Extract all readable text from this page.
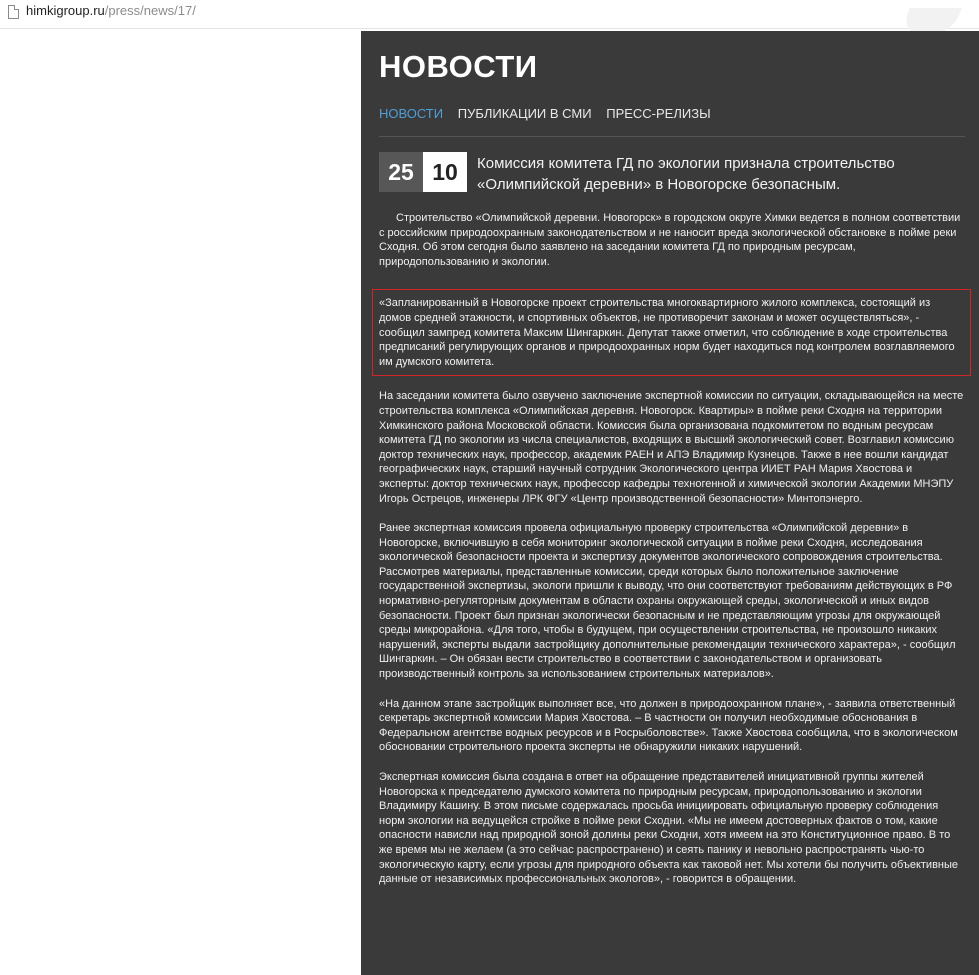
himkigroup.ru/press/news/17/
НОВОСТИ
НОВОСТИ ПУБЛИКАЦИИ В СМИ ПРЕСС-РЕЛИЗЫ
25 10	Комиссия комитета ГД по экологии признала строительство «Олимпийской деревни» в Новогорске безопасным.

Строительство «Олимпийской деревни. Новогорск» в городском округе Химки ведется в полном соответствии с российским природоохранным законодательством и не наносит вреда экологической обстановке в пойме реки Сходня. Об этом сегодня было заявлено на заседании комитета ГД по природным ресурсам, природопользованию и экологии.

«Запланированный в Новогорске проект строительства многоквартирного жилого комплекса, состоящий из домов средней этажности, и спортивных объектов, не противоречит законам и может осуществляться», - сообщил зампред комитета Максим Шингаркин. Депутат также отметил, что соблюдение в ходе строительства предписаний регулирующих органов и природоохранных норм будет находиться под контролем возглавляемого им думского комитета.

На заседании комитета было озвучено заключение экспертной комиссии по ситуации, складывающейся на месте строительства комплекса «Олимпийская деревня. Новогорск. Квартиры» в пойме реки Сходня на территории Химкинского района Московской области. Комиссия была организована подкомитетом по водным ресурсам комитета ГД по экологии из числа специалистов, входящих в высший экологический совет. Возглавил комиссию доктор технических наук, профессор, академик РАЕН и АПЭ Владимир Кузнецов. Также в нее вошли кандидат географических наук, старший научный сотрудник Экологического центра ИИЕТ РАН Мария Хвостова и эксперты: доктор технических наук, профессор кафедры техногенной и химической экологии Академии МНЭПУ Игорь Острецов, инженеры ЛРК ФГУ «Центр производственной безопасности» Минтопэнерго.

Ранее экспертная комиссия провела официальную проверку строительства «Олимпийской деревни» в Новогорске, включившую в себя мониторинг экологической ситуации в пойме реки Сходня, исследования экологической безопасности проекта и экспертизу документов экологического сопровождения строительства. Рассмотрев материалы, представленные комиссии, среди которых было положительное заключение государственной экспертизы, экологи пришли к выводу, что они соответствуют требованиям действующих в РФ нормативно-регуляторным документам в области охраны окружающей среды, экологической и иных видов безопасности. Проект был признан экологически безопасным и не представляющим угрозы для окружающей среды микрорайона. «Для того, чтобы в будущем, при осуществлении строительства, не произошло никаких нарушений, эксперты выдали застройщику дополнительные рекомендации технического характера», - сообщил Шингаркин. – Он обязан вести строительство в соответствии с законодательством и организовать производственный контроль за использованием строительных материалов».

«На данном этапе застройщик выполняет все, что должен в природоохранном плане», - заявила ответственный секретарь экспертной комиссии Мария Хвостова. – В частности он получил необходимые обоснования в Федеральном агентстве водных ресурсов и в Росрыболовстве». Также Хвостова сообщила, что в экологическом обосновании строительного проекта эксперты не обнаружили никаких нарушений.

Экспертная комиссия была создана в ответ на обращение представителей инициативной группы жителей Новогорска к председателю думского комитета по природным ресурсам, природопользованию и экологии Владимиру Кашину. В этом письме содержалась просьба инициировать официальную проверку соблюдения норм экологии на ведущейся стройке в пойме реки Сходни. «Мы не имеем достоверных фактов о том, какие опасности нависли над природной зоной долины реки Сходни, хотя имеем на это Конституционное право. В то же время мы не желаем (а это сейчас распространено) и сеять панику и невольно распространять чью-то экологическую карту, если угрозы для природного объекта как таковой нет. Мы хотели бы получить объективные данные от независимых профессиональных экологов», - говорится в обращении.
